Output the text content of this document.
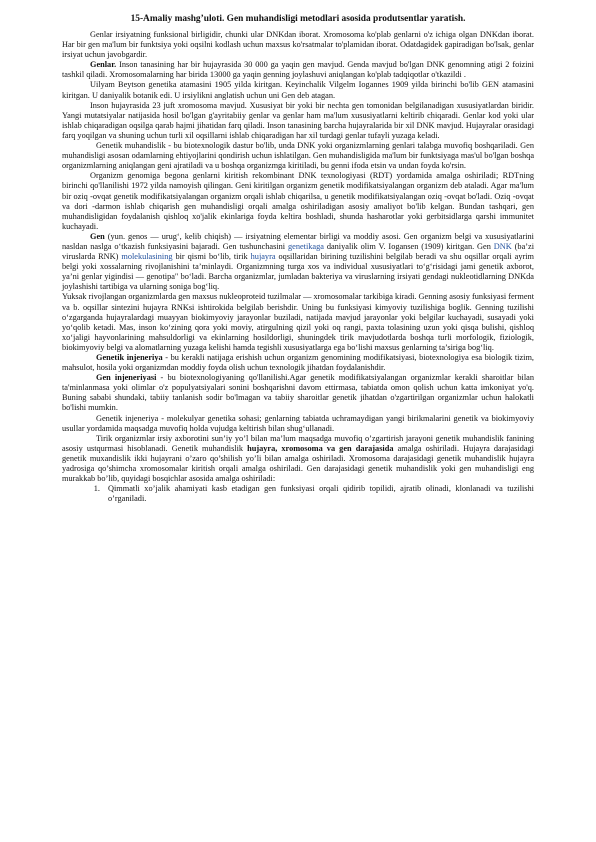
15-Amaliy mashg’uloti. Gen muhandisligi metodlari asosida produtsentlar yaratish.

Genlar irsiyatning funksional birligidir, chunki ular DNKdan iborat. Xromosoma ko'plab genlarni o'z ichiga olgan DNKdan iborat. Har bir gen ma'lum bir funktsiya yoki oqsilni kodlash uchun maxsus ko'rsatmalar to'plamidan iborat. Odatdagidek gapiradigan bo'lsak, genlar irsiyat uchun javobgardir.

Genlar. Inson tanasining har bir hujayrasida 30 000 ga yaqin gen mavjud. Genda mavjud bo'lgan DNK genomning atigi 2 foizini tashkil qiladi. Xromosomalarning har birida 13000 ga yaqin genning joylashuvi aniqlangan ko'plab tadqiqotlar o'tkazildi .

Uilyam Beytson genetika atamasini 1905 yilda kiritgan. Keyinchalik Vilgelm Iogannes 1909 yilda birinchi bo'lib GEN atamasini kiritgan. U daniyalik botanik edi. U irsiylikni anglatish uchun uni Gen deb atagan.

Inson hujayrasida 23 juft xromosoma mavjud. Xususiyat bir yoki bir nechta gen tomonidan belgilanadigan xususiyatlardan biridir. Yangi mutatsiyalar natijasida hosil bo'lgan g'ayritabiiy genlar va genlar ham ma'lum xususiyatlarni keltirib chiqaradi. Genlar kod yoki ular ishlab chiqaradigan oqsilga qarab hajmi jihatidan farq qiladi. Inson tanasining barcha hujayralarida bir xil DNK mavjud. Hujayralar orasidagi farq yoqilgan va shuning uchun turli xil oqsillarni ishlab chiqaradigan har xil turdagi genlar tufayli yuzaga keladi.

Genetik muhandislik - bu biotexnologik dastur bo'lib, unda DNK yoki organizmlarning genlari talabga muvofiq boshqariladi. Gen muhandisligi asosan odamlarning ehtiyojlarini qondirish uchun ishlatilgan. Gen muhandisligida ma'lum bir funktsiyaga mas'ul bo'lgan boshqa organizmlarning aniqlangan geni ajratiladi va u boshqa organizmga kiritiladi, bu genni ifoda etsin va undan foyda ko'rsin.

Organizm genomiga begona genlarni kiritish rekombinant DNK texnologiyasi (RDT) yordamida amalga oshiriladi; RDTning birinchi qo'llanilishi 1972 yilda namoyish qilingan. Geni kiritilgan organizm genetik modifikatsiyalangan organizm deb ataladi. Agar ma'lum bir oziq -ovqat genetik modifikatsiyalangan organizm orqali ishlab chiqarilsa, u genetik modifikatsiyalangan oziq -ovqat bo'ladi. Oziq -ovqat va dori -darmon ishlab chiqarish gen muhandisligi orqali amalga oshiriladigan asosiy amaliyot bo'lib kelgan. Bundan tashqari, gen muhandisligidan foydalanish qishloq xo'jalik ekinlariga foyda keltira boshladi, shunda hasharotlar yoki gerbitsidlarga qarshi immunitet kuchayadi.

Gen (yun. genos — urug‘, kelib chiqish) — irsiyatning elementar birligi va moddiy asosi. Gen organizm belgi va xususiyatlarini nasldan naslga o‘tkazish funksiyasini bajaradi. Gen tushunchasini genetikaga daniyalik olim V. Iogansen (1909) kiritgan. Gen DNK (ba’zi viruslarda RNK) molekulasining bir qismi bo‘lib, tirik hujayra oqsillaridan birining tuzilishini belgilab beradi va shu oqsillar orqali ayrim belgi yoki xossalarning rivojlanishini ta’minlaydi. Organizmning turga xos va individual xususiyatlari to‘g‘risidagi jami genetik axborot, ya’ni genlar yigindisi — genotipa" bo‘ladi. Barcha organizmlar, jumladan bakteriya va viruslarning irsiyati gendagi nukleotidlarning DNKda joylashishi tartibiga va ularning soniga bog‘liq.

Yuksak rivojlangan organizmlarda gen maxsus nukleoproteid tuzilmalar — xromosomalar tarkibiga kiradi. Genning asosiy funksiyasi ferment va b. oqsillar sintezini hujayra RNKsi ishtirokida belgilab berishdir. Uning bu funksiyasi kimyoviy tuzilishiga boglik. Genning tuzilishi o‘zgarganda hujayralardagi muayyan biokimyoviy jarayonlar buziladi, natijada mavjud jarayonlar yoki belgilar kuchayadi, susayadi yoki yo‘qolib ketadi. Mas, inson ko‘zining qora yoki moviy, atirgulning qizil yoki oq rangi, paxta tolasining uzun yoki qisqa bulishi, qishloq xo‘jaligi hayvonlarining mahsuldorligi va ekinlarning hosildorligi, shuningdek tirik mavjudotlarda boshqa turli morfologik, fiziologik, biokimyoviy belgi va alomatlarning yuzaga kelishi hamda tegishli xususiyatlarga ega bo‘lishi maxsus genlarning ta’siriga bog‘liq.

Genetik injeneriya - bu kerakli natijaga erishish uchun organizm genomining modifikatsiyasi, biotexnologiya esa biologik tizim, mahsulot, hosila yoki organizmdan moddiy foyda olish uchun texnologik jihatdan foydalanishdir.

Gen injeneriyasi - bu biotexnologiyaning qo'llanilishi.Agar genetik modifikatsiyalangan organizmlar kerakli sharoitlar bilan ta'minlanmasa yoki olimlar o'z populyatsiyalari sonini boshqarishni davom ettirmasa, tabiatda omon qolish uchun katta imkoniyat yo'q. Buning sababi shundaki, tabiiy tanlanish sodir bo'lmagan va tabiiy sharoitlar genetik jihatdan o'zgartirilgan organizmlar uchun halokatli bo'lishi mumkin.

Genetik injeneriya - molekulyar genetika sohasi; genlarning tabiatda uchramaydigan yangi birikmalarini genetik va biokimyoviy usullar yordamida maqsadga muvofiq holda vujudga keltirish bilan shug‘ullanadi.

Tirik organizmlar irsiy axborotini sun’iy yo’l bilan ma’lum maqsadga muvofiq o’zgartirish jarayoni genetik muhandislik fanining asosiy ustqurmasi hisoblanadi. Genetik muhandislik hujayra, xromosoma va gen darajasida amalga oshiriladi. Hujayra darajasidagi genetik muxandislik ikki hujayrani o’zaro qo’shilish yo’li bilan amalga oshiriladi. Xromosoma darajasidagi genetik muhandislik hujayra yadrosiga qo’shimcha xromosomalar kiritish orqali amalga oshiriladi. Gen darajasidagi genetik muhandislik yoki gen muhandisligi eng murakkab bo’lib, quyidagi bosqichlar asosida amalga oshiriladi:

1. Qimmatli xo’jalik ahamiyati kasb etadigan gen funksiyasi orqali qidirib topilidi, ajratib olinadi, klonlanadi va tuzilishi o’rganiladi.
